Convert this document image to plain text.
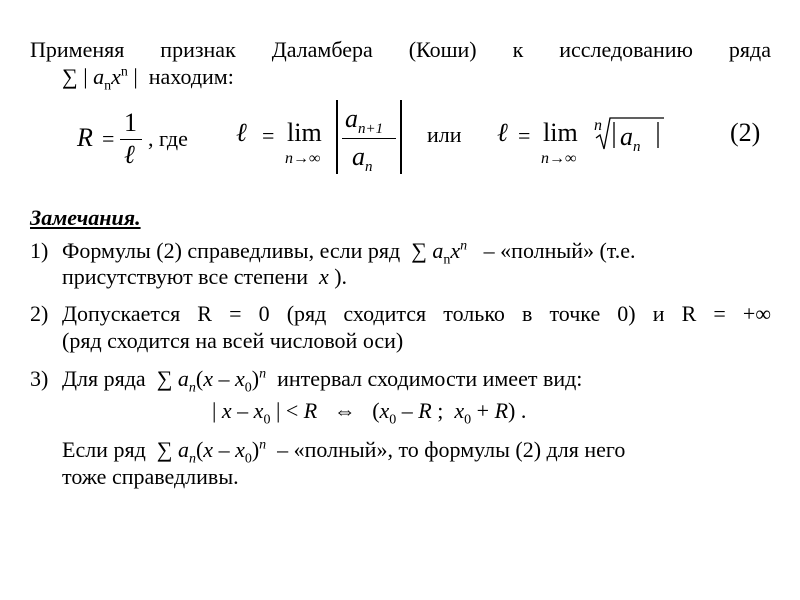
Применяя признак Даламбера (Коши) к исследованию ряда
∑ | $a_nx^n$ |  находим:
R =
1
ℓ
, где ℓ = lim
n→∞
$a_{n+1}$
$a_n$
или ℓ = lim
n→∞
n $a_n$
(2)
Замечания.
1) Формулы (2) справедливы, если ряд ∑ $a_nx^n$ – «полный» (т.е.
присутствуют все степени x ).
2) Допускается R = 0 (ряд сходится только в точке 0) и R = +∞
(ряд сходится на всей числовой оси)
3) Для ряда ∑ $a_n(x - x_0)^n$ интервал сходимости имеет вид:
| x – $x_0$ | < R   ⇔   ($x_0$ – R ;  $x_0 + R$) .
Если ряд ∑ $a_n(x - x_0)^n$ – «полный», то формулы (2) для него
тоже справедливы.
